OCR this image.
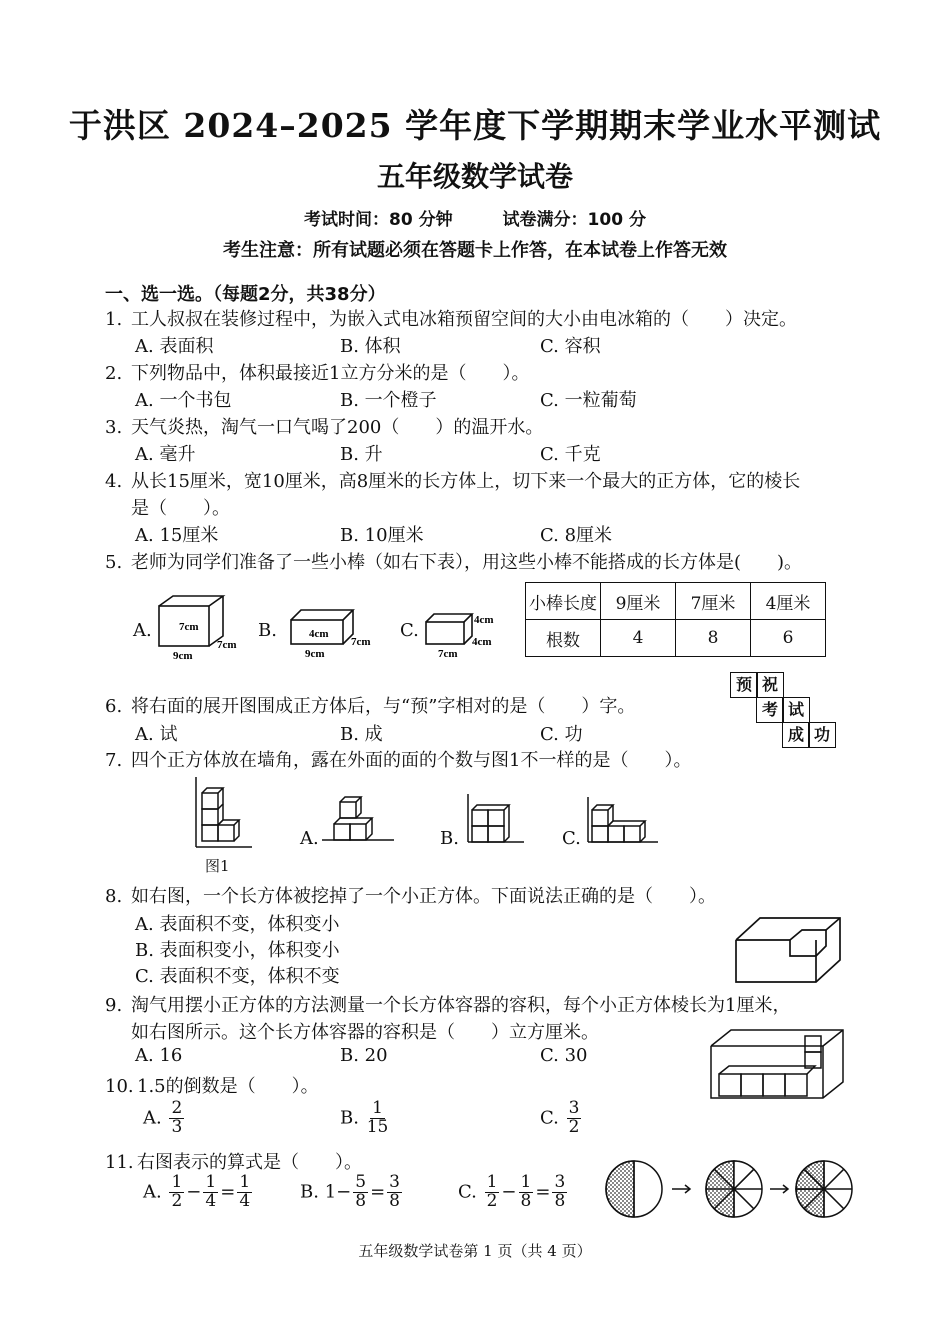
于洪区 2024–2025 学年度下学期期末学业水平测试
五年级数学试卷
考试时间：80 分钟	试卷满分：100 分
考生注意：所有试题必须在答题卡上作答，在本试卷上作答无效
一、选一选。（每题2分，共38分）
1. 工人叔叔在装修过程中，为嵌入式电冰箱预留空间的大小由电冰箱的（　　）决定。
A. 表面积	B. 体积	C. 容积
2. 下列物品中，体积最接近1立方分米的是（　　）。
A. 一个书包	B. 一个橙子	C. 一粒葡萄
3. 天气炎热，淘气一口气喝了200（　　）的温开水。
A. 毫升	B. 升	C. 千克
4. 从长15厘米，宽10厘米，高8厘米的长方体上，切下来一个最大的正方体，它的棱长
是（　　）。
A. 15厘米	B. 10厘米	C. 8厘米
5. 老师为同学们准备了一些小棒（如右下表），用这些小棒不能搭成的长方体是(　　)。
A. 7cm
7cm
9cm
B.	4cm
7cm
9cm
C.	4cm
4cm
7cm
小棒长度	9厘米	7厘米	4厘米
根数	4	8	6
6. 将右面的展开图围成正方体后，与“预”字相对的是（　　）字。
A. 试	B. 成	C. 功
预 祝
考 试
成 功
7. 四个正方体放在墙角，露在外面的面的个数与图1不一样的是（　　）。
图1
A.	B.	C.
8. 如右图，一个长方体被挖掉了一个小正方体。下面说法正确的是（　　）。
A. 表面积不变，体积变小
B. 表面积变小，体积变小
C. 表面积不变，体积不变
9. 淘气用摆小正方体的方法测量一个长方体容器的容积，每个小正方体棱长为1厘米，
如右图所示。这个长方体容器的容积是（　　）立方厘米。
A. 16	B. 20	C. 30
10. 1.5的倒数是（　　）。
A. $\frac{2}{3}$	B. $\frac{1}{15}$	C. $\frac{3}{2}$
11. 右图表示的算式是（　　）。
A. $\frac{1}{2} - \frac{1}{4} = \frac{1}{4}$	B. $1- \frac{5}{8} = \frac{3}{8}$	C. $\frac{1}{2} - \frac{1}{8} = \frac{3}{8}$
五年级数学试卷第 1 页（共 4 页）
